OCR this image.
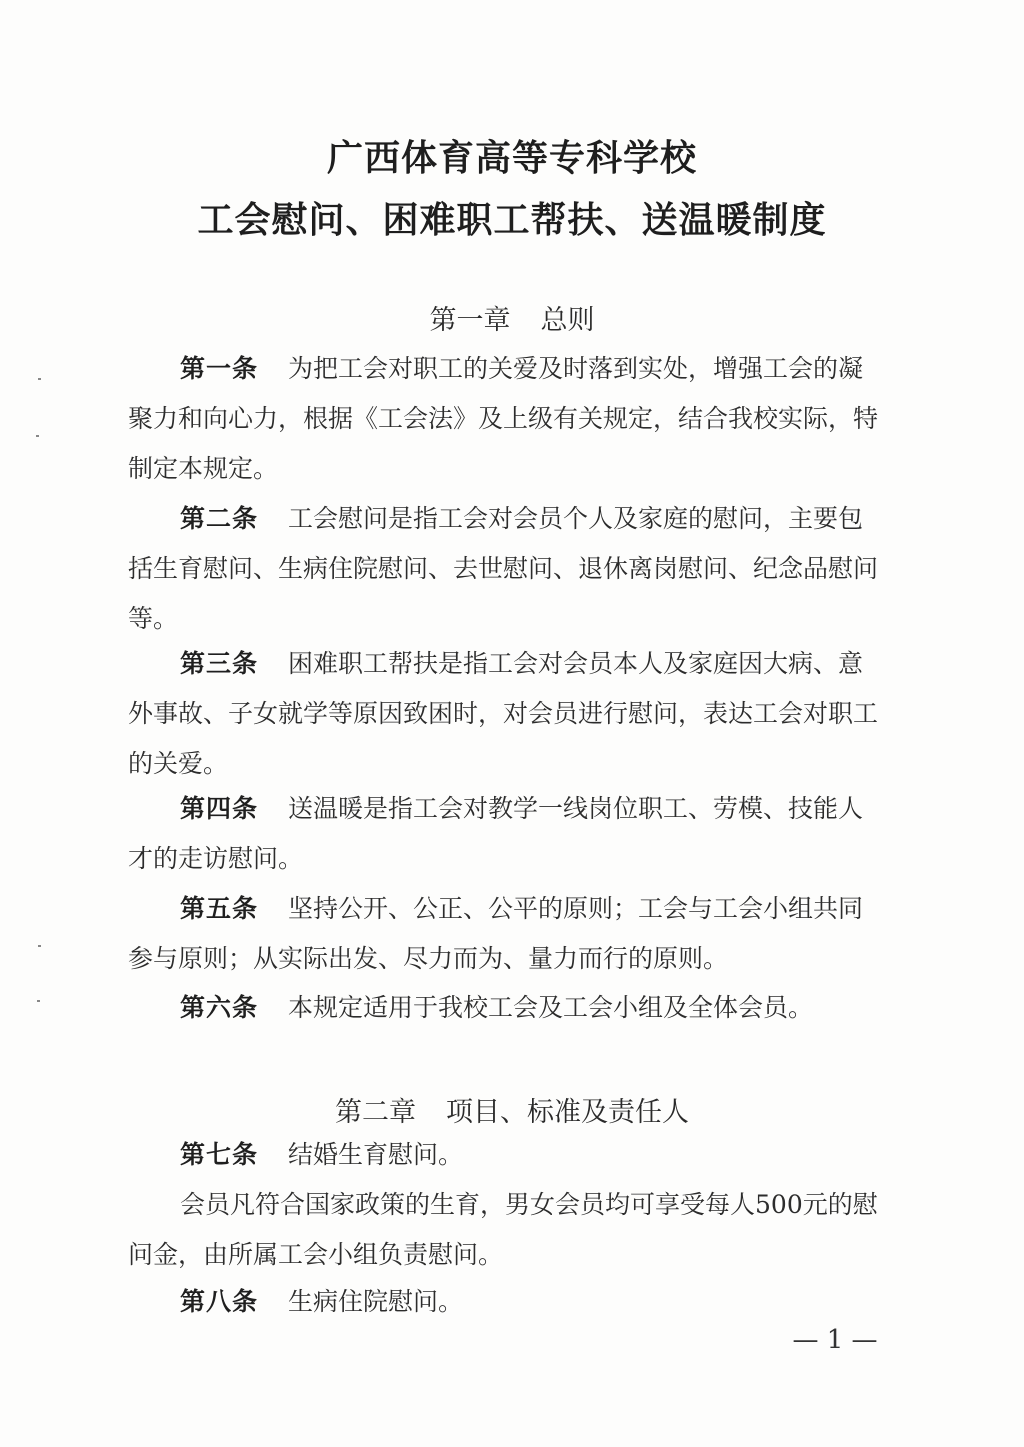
广西体育高等专科学校
工会慰问、困难职工帮扶、送温暖制度
第一章 总则
第一条 为把工会对职工的关爱及时落到实处，增强工会的凝聚力和向心力，根据《工会法》及上级有关规定，结合我校实际，特制定本规定。
第二条 工会慰问是指工会对会员个人及家庭的慰问，主要包括生育慰问、生病住院慰问、去世慰问、退休离岗慰问、纪念品慰问等。
第三条 困难职工帮扶是指工会对会员本人及家庭因大病、意外事故、子女就学等原因致困时，对会员进行慰问，表达工会对职工的关爱。
第四条 送温暖是指工会对教学一线岗位职工、劳模、技能人才的走访慰问。
第五条 坚持公开、公正、公平的原则；工会与工会小组共同参与原则；从实际出发、尽力而为、量力而行的原则。
第六条 本规定适用于我校工会及工会小组及全体会员。
第二章 项目、标准及责任人
第七条 结婚生育慰问。
会员凡符合国家政策的生育，男女会员均可享受每人500元的慰问金，由所属工会小组负责慰问。
第八条 生病住院慰问。
— 1 —
